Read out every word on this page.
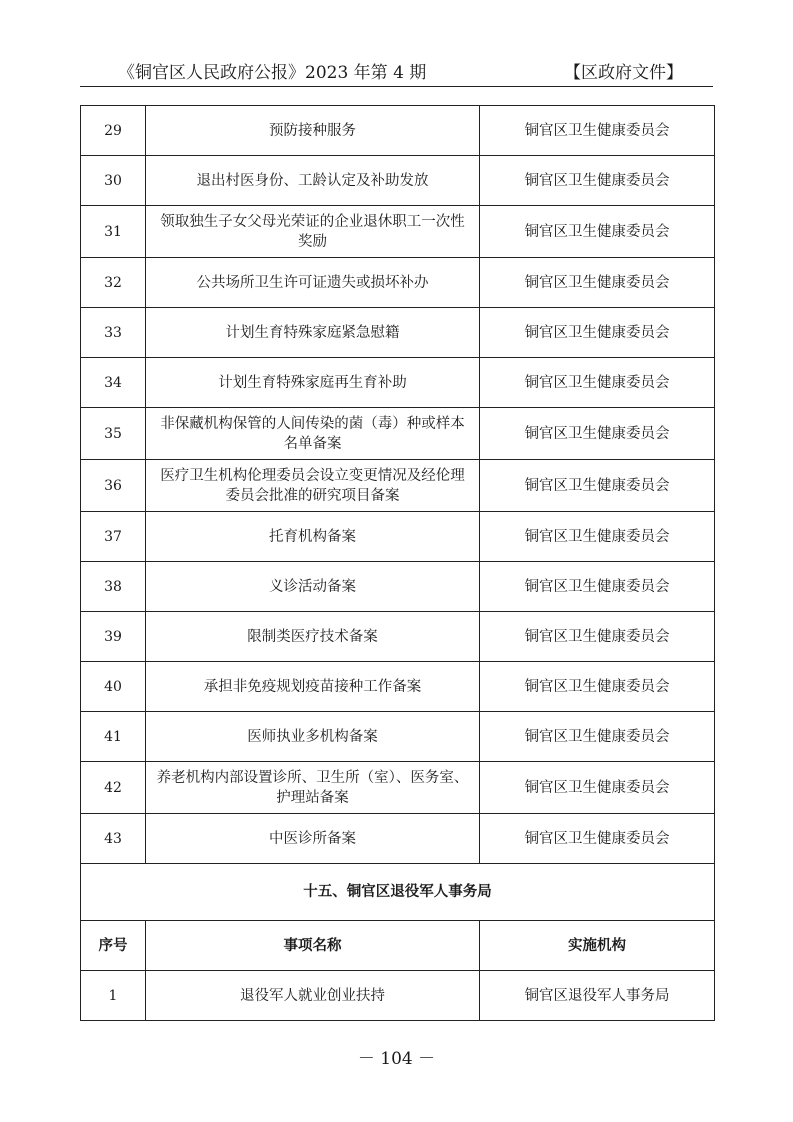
《铜官区人民政府公报》2023 年第 4 期	【区政府文件】
29	预防接种服务	铜官区卫生健康委员会
30	退出村医身份、工龄认定及补助发放	铜官区卫生健康委员会
31	领取独生子女父母光荣证的企业退休职工一次性奖励	铜官区卫生健康委员会
32	公共场所卫生许可证遗失或损坏补办	铜官区卫生健康委员会
33	计划生育特殊家庭紧急慰籍	铜官区卫生健康委员会
34	计划生育特殊家庭再生育补助	铜官区卫生健康委员会
35	非保藏机构保管的人间传染的菌（毒）种或样本名单备案	铜官区卫生健康委员会
36	医疗卫生机构伦理委员会设立变更情况及经伦理委员会批准的研究项目备案	铜官区卫生健康委员会
37	托育机构备案	铜官区卫生健康委员会
38	义诊活动备案	铜官区卫生健康委员会
39	限制类医疗技术备案	铜官区卫生健康委员会
40	承担非免疫规划疫苗接种工作备案	铜官区卫生健康委员会
41	医师执业多机构备案	铜官区卫生健康委员会
42	养老机构内部设置诊所、卫生所（室）、医务室、护理站备案	铜官区卫生健康委员会
43	中医诊所备案	铜官区卫生健康委员会
十五、铜官区退役军人事务局		
序号	事项名称	实施机构
1	退役军人就业创业扶持	铜官区退役军人事务局
－ 104 －
